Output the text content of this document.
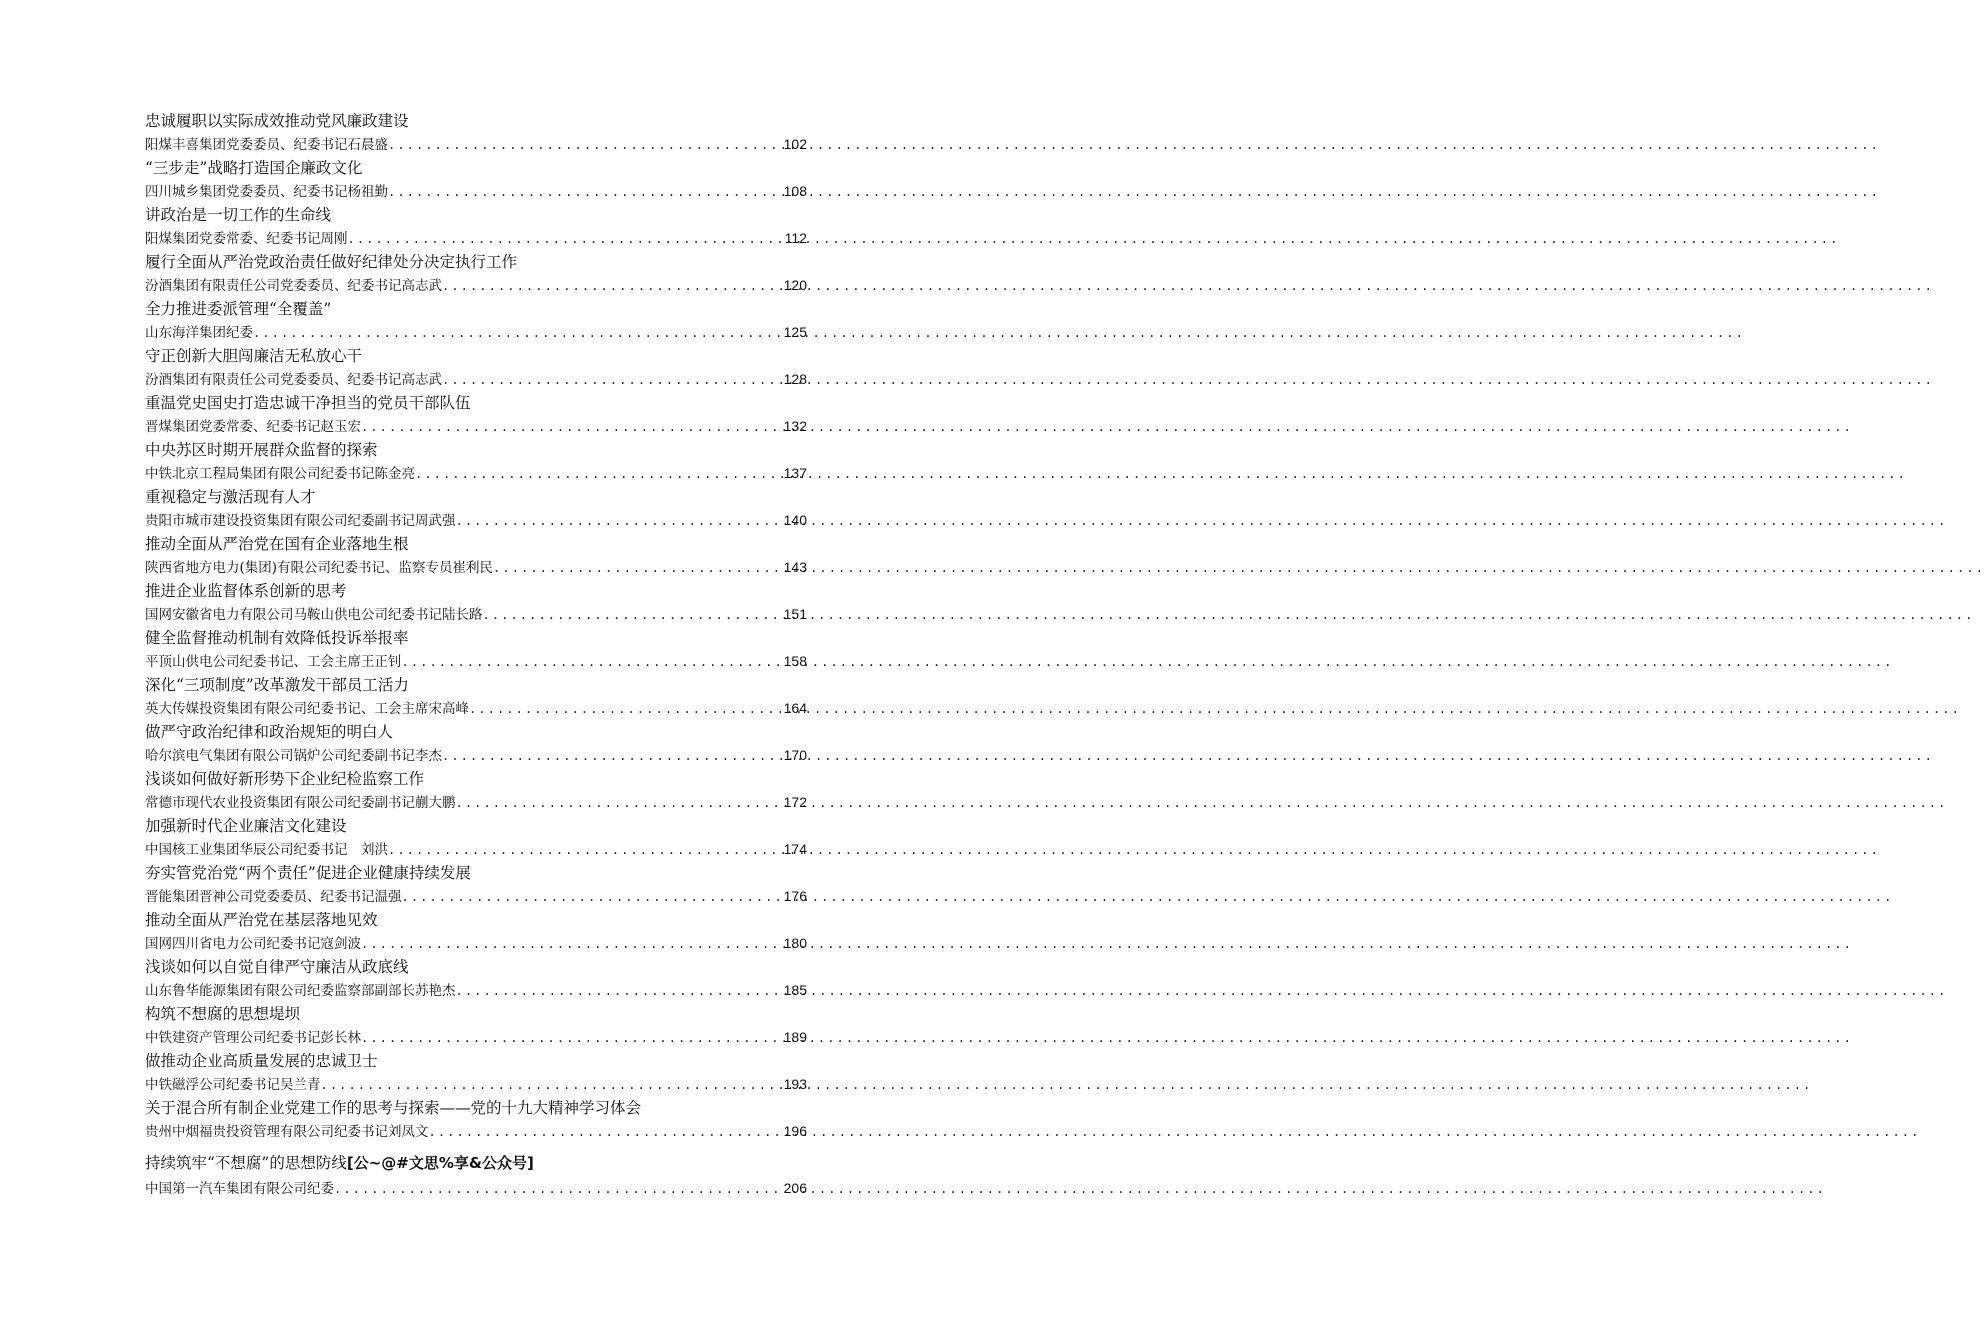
忠诚履职以实际成效推动党风廉政建设
阳煤丰喜集团党委委员、纪委书记石晨盛 .....	102
“三步走”战略打造国企廉政文化
四川城乡集团党委委员、纪委书记杨祖勤 .....	108
讲政治是一切工作的生命线
阳煤集团党委常委、纪委书记周刚 .....	112
履行全面从严治党政治责任做好纪律处分决定执行工作
汾酒集团有限责任公司党委委员、纪委书记高志武 .....	120
全力推进委派管理“全覆盖”
山东海洋集团纪委 .....	125
守正创新大胆闯廉洁无私放心干
汾酒集团有限责任公司党委委员、纪委书记高志武 .....	128
重温党史国史打造忠诚干净担当的党员干部队伍
晋煤集团党委常委、纪委书记赵玉宏 .....	132
中央苏区时期开展群众监督的探索
中铁北京工程局集团有限公司纪委书记陈金亮 .....	137
重视稳定与激活现有人才
贵阳市城市建设投资集团有限公司纪委副书记周武强 .....	140
推动全面从严治党在国有企业落地生根
陕西省地方电力(集团)有限公司纪委书记、监察专员崔利民 .....	143
推进企业监督体系创新的思考
国网安徽省电力有限公司马鞍山供电公司纪委书记陆长路 .....	151
健全监督推动机制有效降低投诉举报率
平顶山供电公司纪委书记、工会主席王正钊 .....	158
深化“三项制度”改革激发干部员工活力
英大传媒投资集团有限公司纪委书记、工会主席宋高峰 .....	164
做严守政治纪律和政治规矩的明白人
哈尔滨电气集团有限公司锅炉公司纪委副书记李杰 .....	170
浅谈如何做好新形势下企业纪检监察工作
常德市现代农业投资集团有限公司纪委副书记蒯大鹏 .....	172
加强新时代企业廉洁文化建设
中国核工业集团华辰公司纪委书记　刘洪 .....	174
夯实管党治党“两个责任”促进企业健康持续发展
晋能集团晋神公司党委委员、纪委书记温强 .....	176
推动全面从严治党在基层落地见效
国网四川省电力公司纪委书记寇剑波 .....	180
浅谈如何以自觉自律严守廉洁从政底线
山东鲁华能源集团有限公司纪委监察部副部长苏艳杰 .....	185
构筑不想腐的思想堤坝
中铁建资产管理公司纪委书记彭长林 .....	189
做推动企业高质量发展的忠诚卫士
中铁磁浮公司纪委书记吴兰青 .....	193
关于混合所有制企业党建工作的思考与探索——党的十九大精神学习体会
贵州中烟福贵投资管理有限公司纪委书记刘凤文 .....	196
持续筑牢“不想腐”的思想防线[公~@#文思%享&公众号]
中国第一汽车集团有限公司纪委 .....	206
